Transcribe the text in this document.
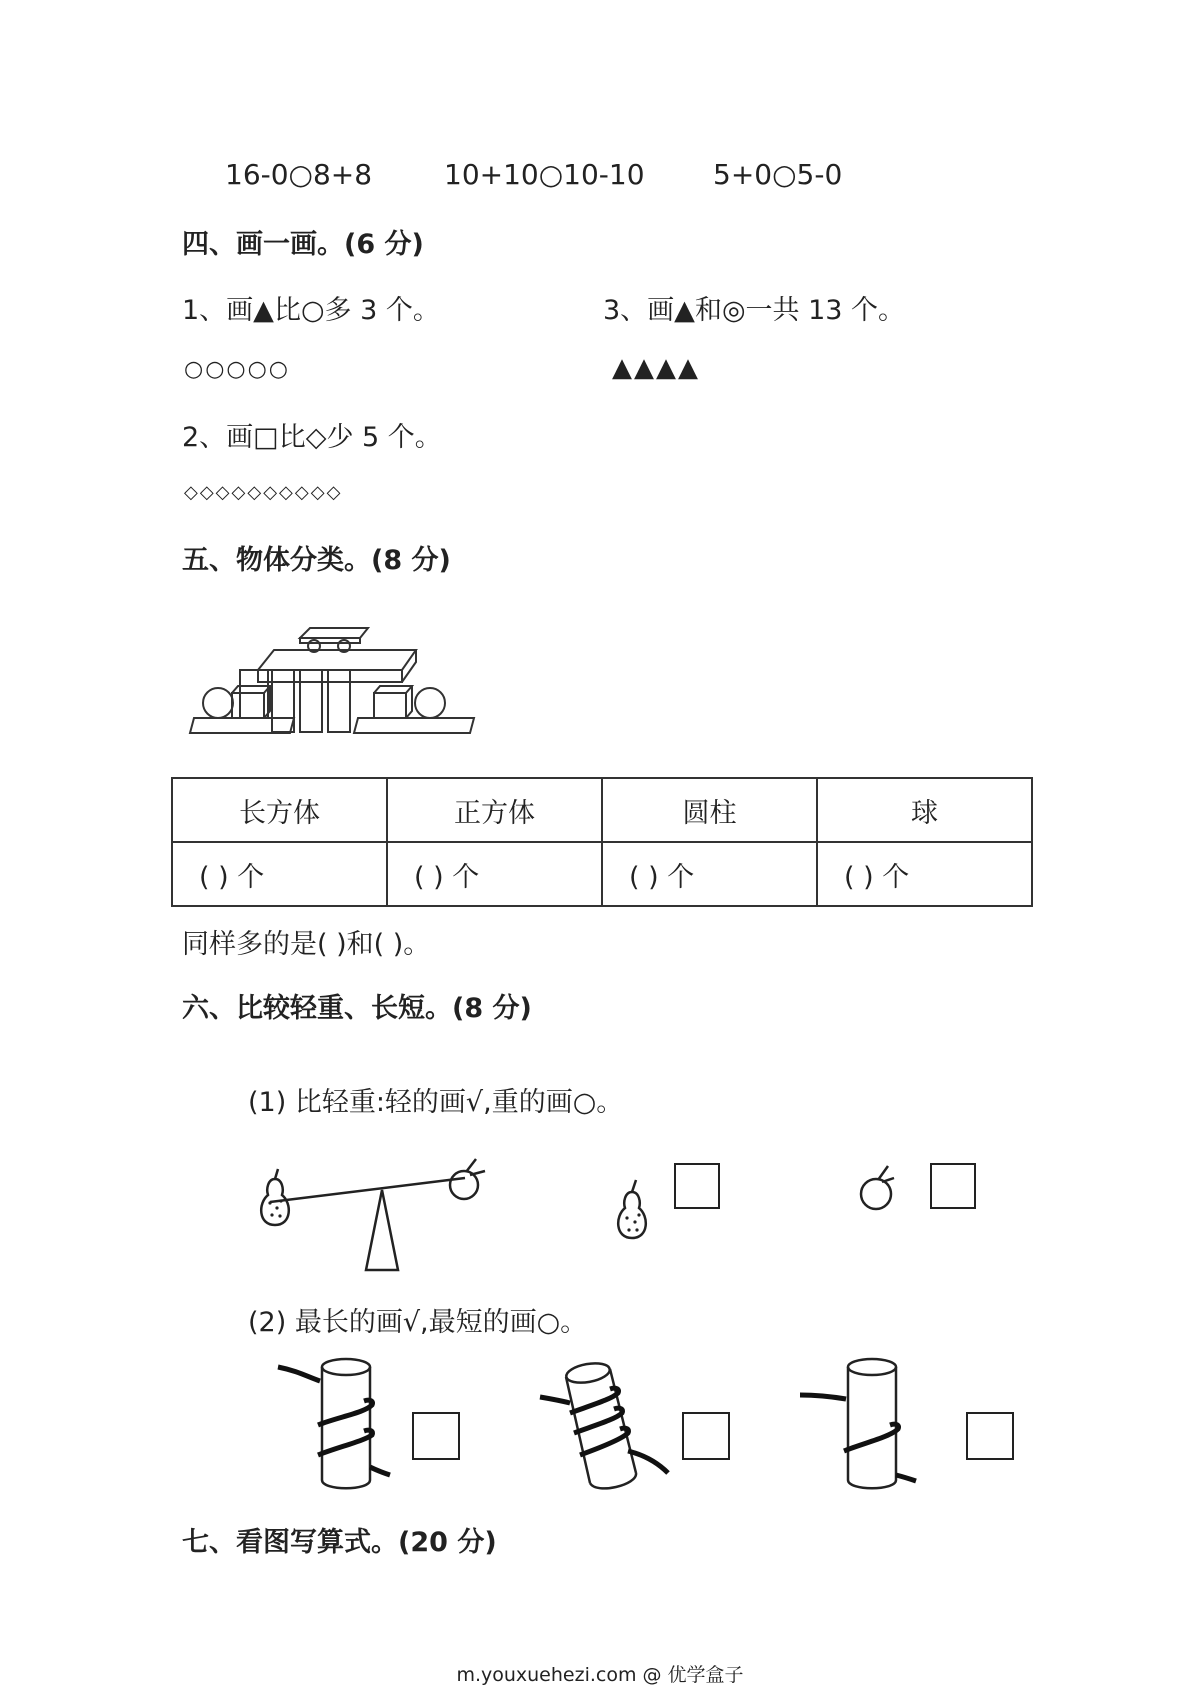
16-0○8+8	10+10○10-10 5+0○5-0
四、画一画。(6 分)
1、画▲比○多 3 个。	3、画▲和◎一共 13 个。
○○○○○	▲▲▲▲
2、画□比◇少 5 个。
◇◇◇◇◇◇◇◇◇◇
五、物体分类。(8 分)
长方体	正方体	圆柱	球
( ) 个	( ) 个	( ) 个	( ) 个
同样多的是( )和( )。
六、比较轻重、长短。(8 分)
(1) 比轻重:轻的画√,重的画○。
(2) 最长的画√,最短的画○。
七、看图写算式。(20 分)
m.youxuehezi.com @ 优学盒子
